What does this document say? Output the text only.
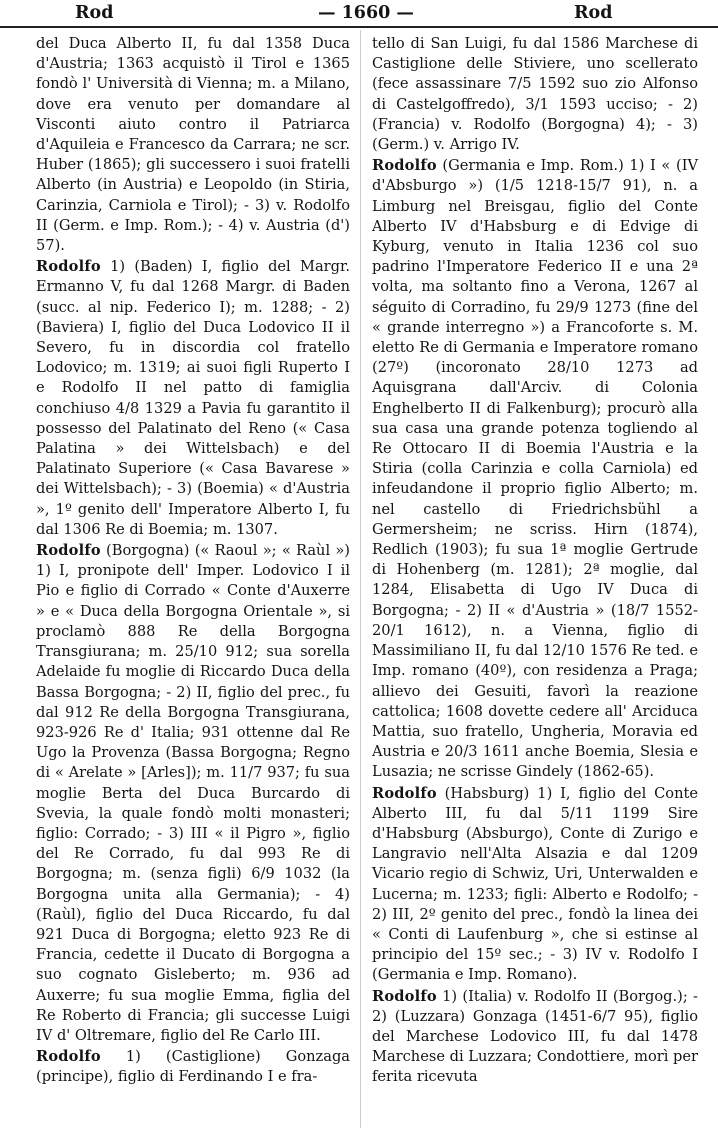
Rod	— 1660 —	Rod

del Duca Alberto II, fu dal 1358 Duca d'Austria; 1363 acquistò il Tirol e 1365 fondò l' Università di Vienna; m. a Milano, dove era venuto per domandare al Visconti aiuto contro il Patriarca d'Aquileia e Francesco da Carrara; ne scr. Huber (1865); gli successero i suoi fratelli Alberto (in Austria) e Leopoldo (in Stiria, Carinzia, Carniola e Tirol); - 3) v. Rodolfo II (Germ. e Imp. Rom.); - 4) v. Austria (d') 57).

Rodolfo 1) (Baden) I, figlio del Margr. Ermanno V, fu dal 1268 Margr. di Baden (succ. al nip. Federico I); m. 1288; - 2) (Baviera) I, figlio del Duca Lodovico II il Severo, fu in discordia col fratello Lodovico; m. 1319; ai suoi figli Ruperto I e Rodolfo II nel patto di famiglia conchiuso 4/8 1329 a Pavia fu garantito il possesso del Palatinato del Reno (« Casa Palatina » dei Wittelsbach) e del Palatinato Superiore (« Casa Bavarese » dei Wittelsbach); - 3) (Boemia) « d'Austria », 1º genito dell' Imperatore Alberto I, fu dal 1306 Re di Boemia; m. 1307.

Rodolfo (Borgogna) (« Raoul »; « Raùl ») 1) I, pronipote dell' Imper. Lodovico I il Pio e figlio di Corrado « Conte d'Auxerre » e « Duca della Borgogna Orientale », si proclamò 888 Re della Borgogna Transgiurana; m. 25/10 912; sua sorella Adelaide fu moglie di Riccardo Duca della Bassa Borgogna; - 2) II, figlio del prec., fu dal 912 Re della Borgogna Transgiurana, 923-926 Re d' Italia; 931 ottenne dal Re Ugo la Provenza (Bassa Borgogna; Regno di « Arelate » [Arles]); m. 11/7 937; fu sua moglie Berta del Duca Burcardo di Svevia, la quale fondò molti monasteri; figlio: Corrado; - 3) III « il Pigro », figlio del Re Corrado, fu dal 993 Re di Borgogna; m. (senza figli) 6/9 1032 (la Borgogna unita alla Germania); - 4) (Raùl), figlio del Duca Riccardo, fu dal 921 Duca di Borgogna; eletto 923 Re di Francia, cedette il Ducato di Borgogna a suo cognato Gisleberto; m. 936 ad Auxerre; fu sua moglie Emma, figlia del Re Roberto di Francia; gli successe Luigi IV d' Oltremare, figlio del Re Carlo III.

Rodolfo 1) (Castiglione) Gonzaga (principe), figlio di Ferdinando I e fra-

tello di San Luigi, fu dal 1586 Marchese di Castiglione delle Stiviere, uno scellerato (fece assassinare 7/5 1592 suo zio Alfonso di Castelgoffredo), 3/1 1593 ucciso; - 2) (Francia) v. Rodolfo (Borgogna) 4); - 3) (Germ.) v. Arrigo IV.

Rodolfo (Germania e Imp. Rom.) 1) I « (IV d'Absburgo ») (1/5 1218-15/7 91), n. a Limburg nel Breisgau, figlio del Conte Alberto IV d'Habsburg e di Edvige di Kyburg, venuto in Italia 1236 col suo padrino l'Imperatore Federico II e una 2ª volta, ma soltanto fino a Verona, 1267 al séguito di Corradino, fu 29/9 1273 (fine del « grande interregno ») a Francoforte s. M. eletto Re di Germania e Imperatore romano (27º) (incoronato 28/10 1273 ad Aquisgrana dall'Arciv. di Colonia Enghelberto II di Falkenburg); procurò alla sua casa una grande potenza togliendo al Re Ottocaro II di Boemia l'Austria e la Stiria (colla Carinzia e colla Carniola) ed infeudandone il proprio figlio Alberto; m. nel castello di Friedrichsbühl a Germersheim; ne scriss. Hirn (1874), Redlich (1903); fu sua 1ª moglie Gertrude di Hohenberg (m. 1281); 2ª moglie, dal 1284, Elisabetta di Ugo IV Duca di Borgogna; - 2) II « d'Austria » (18/7 1552-20/1 1612), n. a Vienna, figlio di Massimiliano II, fu dal 12/10 1576 Re ted. e Imp. romano (40º), con residenza a Praga; allievo dei Gesuiti, favorì la reazione cattolica; 1608 dovette cedere all' Arciduca Mattia, suo fratello, Ungheria, Moravia ed Austria e 20/3 1611 anche Boemia, Slesia e Lusazia; ne scrisse Gindely (1862-65).

Rodolfo (Habsburg) 1) I, figlio del Conte Alberto III, fu dal 5/11 1199 Sire d'Habsburg (Absburgo), Conte di Zurigo e Langravio nell'Alta Alsazia e dal 1209 Vicario regio di Schwiz, Uri, Unterwalden e Lucerna; m. 1233; figli: Alberto e Rodolfo; - 2) III, 2º genito del prec., fondò la linea dei « Conti di Laufenburg », che si estinse al principio del 15º sec.; - 3) IV v. Rodolfo I (Germania e Imp. Romano).

Rodolfo 1) (Italia) v. Rodolfo II (Borgog.); - 2) (Luzzara) Gonzaga (1451-6/7 95), figlio del Marchese Lodovico III, fu dal 1478 Marchese di Luzzara; Condottiere, morì per ferita ricevuta
